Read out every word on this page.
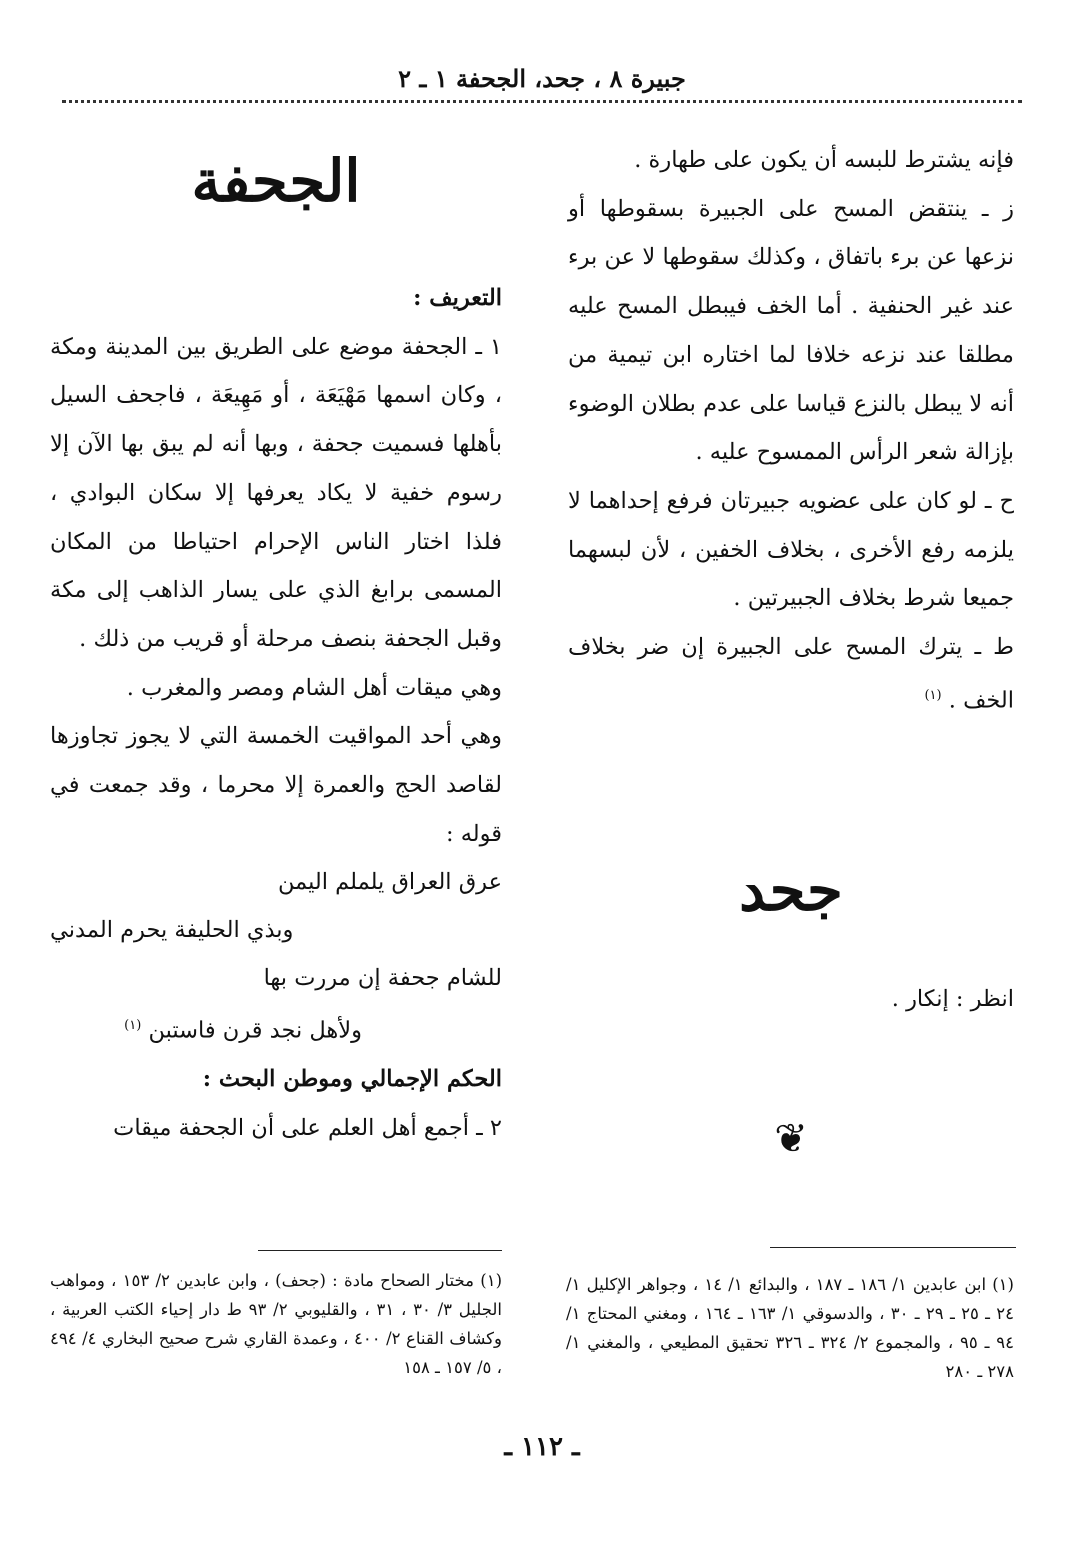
جبيرة ٨ ، جحد، الجحفة ١ ـ ٢

فإنه يشترط للبسه أن يكون على طهارة .

ز ـ ينتقض المسح على الجبيرة بسقوطها أو نزعها عن برء باتفاق ، وكذلك سقوطها لا عن برء عند غير الحنفية . أما الخف فيبطل المسح عليه مطلقا عند نزعه خلافا لما اختاره ابن تيمية من أنه لا يبطل بالنزع قياسا على عدم بطلان الوضوء بإزالة شعر الرأس الممسوح عليه .

ح ـ لو كان على عضويه جبيرتان فرفع إحداهما لا يلزمه رفع الأخرى ، بخلاف الخفين ، لأن لبسهما جميعا شرط بخلاف الجبيرتين .

ط ـ يترك المسح على الجبيرة إن ضر بخلاف الخف . $^{(١)}$

جحد

انظر : إنكار .

❦
الجحفة

التعريف :

١ ـ الجحفة موضع على الطريق بين المدينة ومكة ، وكان اسمها مَهْيَعَة ، أو مَهِيعَة ، فاجحف السيل بأهلها فسميت جحفة ، وبها أنه لم يبق بها الآن إلا رسوم خفية لا يكاد يعرفها إلا سكان البوادي ، فلذا اختار الناس الإحرام احتياطا من المكان المسمى برابغ الذي على يسار الذاهب إلى مكة وقبل الجحفة بنصف مرحلة أو قريب من ذلك .

وهي ميقات أهل الشام ومصر والمغرب .

وهي أحد المواقيت الخمسة التي لا يجوز تجاوزها لقاصد الحج والعمرة إلا محرما ، وقد جمعت في قوله :

عرق العراق يلملم اليمن

وبذي الحليفة يحرم المدني

للشام جحفة إن مررت بها

ولأهل نجد قرن فاستبن $^{(١)}$

الحكم الإجمالي وموطن البحث :

٢ ـ أجمع أهل العلم على أن الجحفة ميقات

(١) مختار الصحاح مادة : (جحف) ، وابن عابدين ٢/ ١٥٣ ، ومواهب الجليل ٣/ ٣٠ ، ٣١ ، والقليوبي ٢/ ٩٣ ط دار إحياء الكتب العربية ، وكشاف القناع ٢/ ٤٠٠ ، وعمدة القاري شرح صحيح البخاري ٤/ ٤٩٤ ، ٥/ ١٥٧ ـ ١٥٨
(١) ابن عابدين ١/ ١٨٦ ـ ١٨٧ ، والبدائع ١/ ١٤ ، وجواهر الإكليل ١/ ٢٤ ـ ٢٥ ـ ٢٩ ـ ٣٠ ، والدسوقي ١/ ١٦٣ ـ ١٦٤ ، ومغني المحتاج ١/ ٩٤ ـ ٩٥ ، والمجموع ٢/ ٣٢٤ ـ ٣٢٦ تحقيق المطيعي ، والمغني ١/ ٢٧٨ ـ ٢٨٠
ـ ١١٢ ـ
